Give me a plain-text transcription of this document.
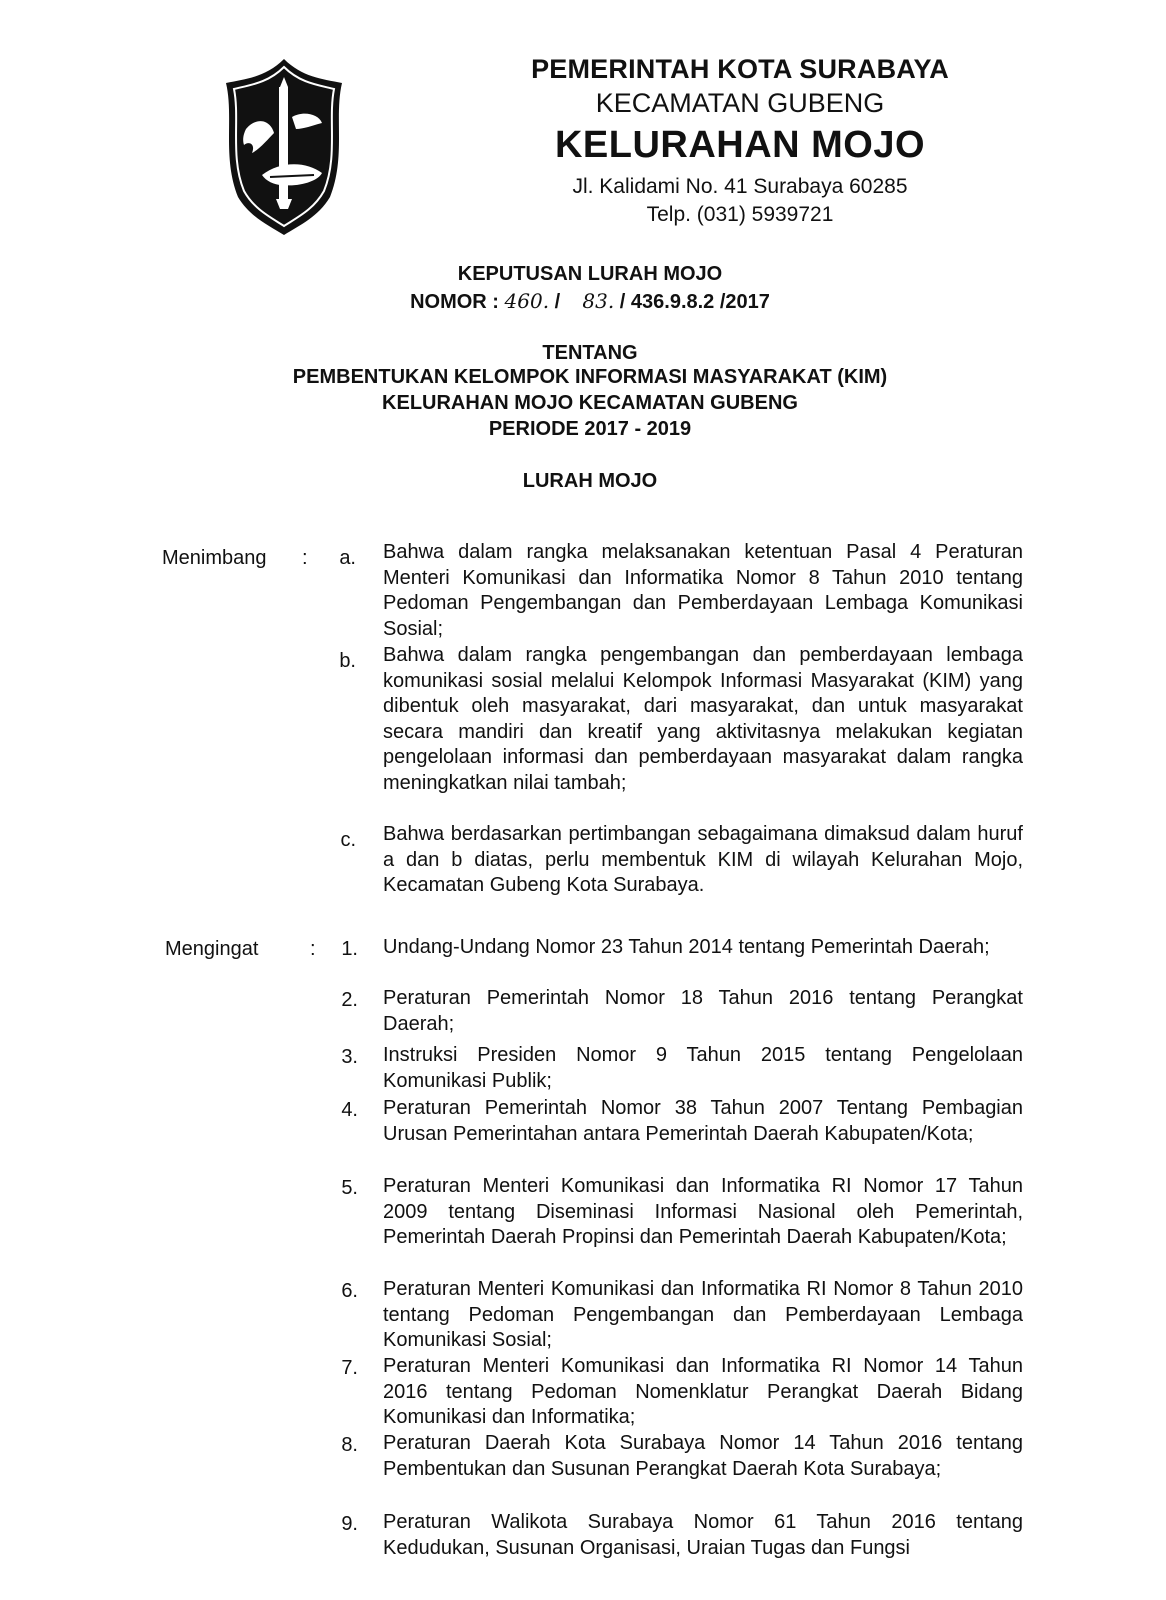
PEMERINTAH KOTA SURABAYA
KECAMATAN GUBENG
KELURAHAN MOJO
Jl. Kalidami No. 41 Surabaya 60285
Telp. (031) 5939721
KEPUTUSAN LURAH MOJO
NOMOR : 460. / 83. / 436.9.8.2 /2017
TENTANG
PEMBENTUKAN KELOMPOK INFORMASI MASYARAKAT (KIM)
KELURAHAN MOJO KECAMATAN GUBENG
PERIODE 2017 - 2019
LURAH MOJO
Menimbang :	a. Bahwa dalam rangka melaksanakan ketentuan Pasal 4 Peraturan Menteri Komunikasi dan Informatika Nomor 8 Tahun 2010 tentang Pedoman Pengembangan dan Pemberdayaan Lembaga Komunikasi Sosial;
b. Bahwa dalam rangka pengembangan dan pemberdayaan lembaga komunikasi sosial melalui Kelompok Informasi Masyarakat (KIM) yang dibentuk oleh masyarakat, dari masyarakat, dan untuk masyarakat secara mandiri dan kreatif yang aktivitasnya melakukan kegiatan pengelolaan informasi dan pemberdayaan masyarakat dalam rangka meningkatkan nilai tambah;
c. Bahwa berdasarkan pertimbangan sebagaimana dimaksud dalam huruf a dan b diatas, perlu membentuk KIM di wilayah Kelurahan Mojo, Kecamatan Gubeng Kota Surabaya.
Mengingat	:	1. Undang-Undang Nomor 23 Tahun 2014 tentang Pemerintah Daerah;
2. Peraturan Pemerintah Nomor 18 Tahun 2016 tentang Perangkat Daerah;
3. Instruksi Presiden Nomor 9 Tahun 2015 tentang Pengelolaan Komunikasi Publik;
4. Peraturan Pemerintah Nomor 38 Tahun 2007 Tentang Pembagian Urusan Pemerintahan antara Pemerintah Daerah Kabupaten/Kota;
5. Peraturan Menteri Komunikasi dan Informatika RI Nomor 17 Tahun 2009 tentang Diseminasi Informasi Nasional oleh Pemerintah, Pemerintah Daerah Propinsi dan Pemerintah Daerah Kabupaten/Kota;
6. Peraturan Menteri Komunikasi dan Informatika RI Nomor 8 Tahun 2010 tentang Pedoman Pengembangan dan Pemberdayaan Lembaga Komunikasi Sosial;
7. Peraturan Menteri Komunikasi dan Informatika RI Nomor 14 Tahun 2016 tentang Pedoman Nomenklatur Perangkat Daerah Bidang Komunikasi dan Informatika;
8. Peraturan Daerah Kota Surabaya Nomor 14 Tahun 2016 tentang Pembentukan dan Susunan Perangkat Daerah Kota Surabaya;
9. Peraturan Walikota Surabaya Nomor 61 Tahun 2016 tentang Kedudukan, Susunan Organisasi, Uraian Tugas dan Fungsi
